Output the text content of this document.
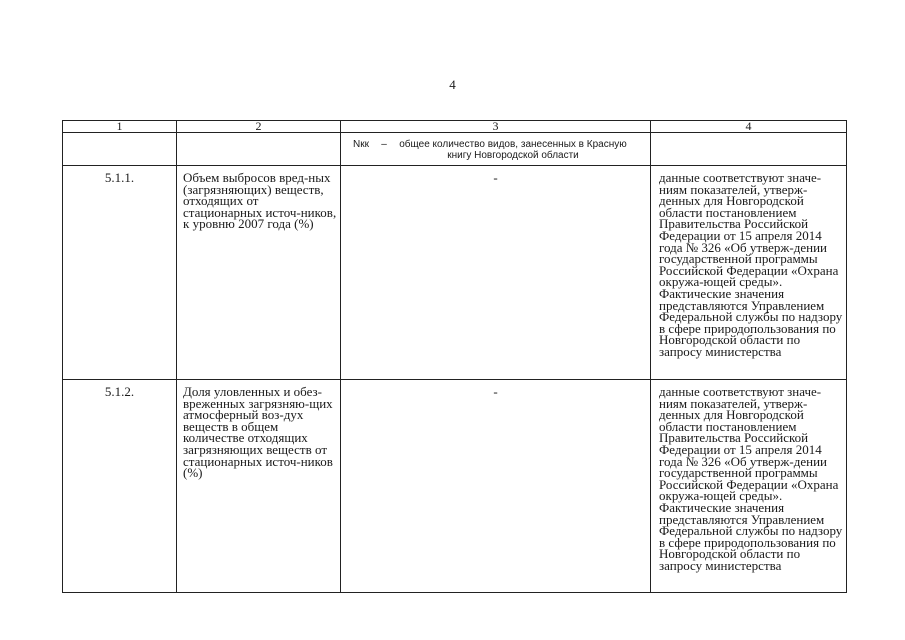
4
1	2	3	4

		Nкк – общее количество видов, занесенных в Красную книгу Новгородской области	

5.1.1.	Объем выбросов вред-ных (загрязняющих) веществ, отходящих от стационарных источ-ников, к уровню 2007 года (%)	-	данные соответствуют значе-ниям показателей, утверж-денных для Новгородской области постановлением Правительства Российской Федерации от 15 апреля 2014 года № 326 «Об утверж-дении государственной программы Российской Федерации «Охрана окружа-ющей среды». Фактические значения представляются Управлением Федеральной службы по надзору в сфере природопользования по Новгородской области по запросу министерства
5.1.2.	Доля уловленных и обез-вреженных загрязняю-щих атмосферный воз-дух веществ в общем количестве отходящих загрязняющих веществ от стационарных источ-ников (%)	-	данные соответствуют значе-ниям показателей, утверж-денных для Новгородской области постановлением Правительства Российской Федерации от 15 апреля 2014 года № 326 «Об утверж-дении государственной программы Российской Федерации «Охрана окружа-ющей среды». Фактические значения представляются Управлением Федеральной службы по надзору в сфере природопользования по Новгородской области по запросу министерства
